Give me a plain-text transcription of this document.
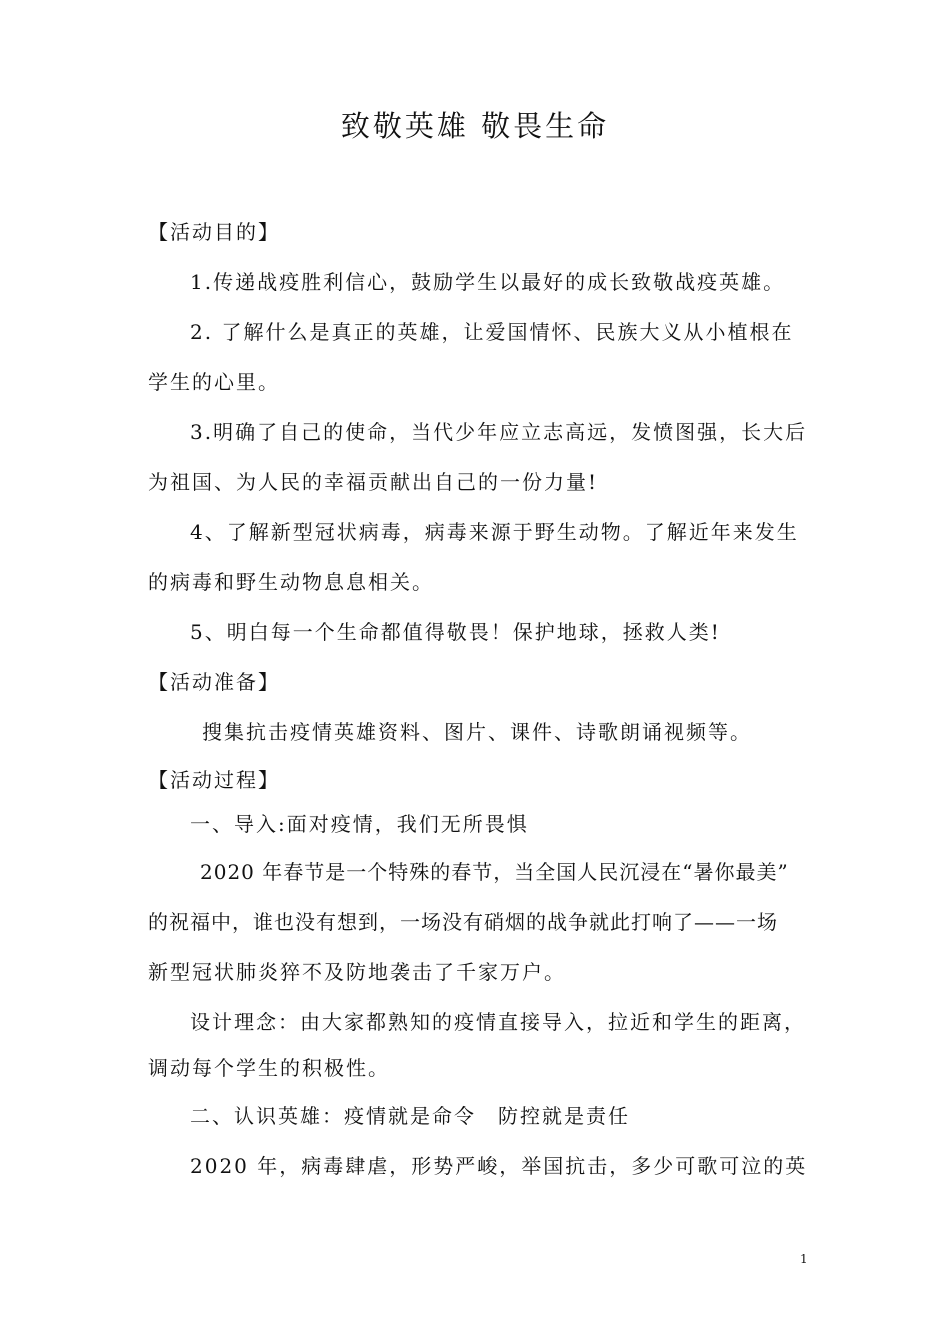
致敬英雄 敬畏生命
【活动目的】
1.传递战疫胜利信心，鼓励学生以最好的成长致敬战疫英雄。
2. 了解什么是真正的英雄，让爱国情怀、民族大义从小植根在
学生的心里。
3.明确了自己的使命，当代少年应立志高远，发愤图强，长大后
为祖国、为人民的幸福贡献出自己的一份力量!
4、了解新型冠状病毒，病毒来源于野生动物。了解近年来发生
的病毒和野生动物息息相关。
5、明白每一个生命都值得敬畏！保护地球，拯救人类!
【活动准备】
搜集抗击疫情英雄资料、图片、课件、诗歌朗诵视频等。
【活动过程】
一、导入:面对疫情，我们无所畏惧
2020 年春节是一个特殊的春节，当全国人民沉浸在“暑你最美”
的祝福中，谁也没有想到，一场没有硝烟的战争就此打响了——一场
新型冠状肺炎猝不及防地袭击了千家万户。
设计理念：由大家都熟知的疫情直接导入，拉近和学生的距离，
调动每个学生的积极性。
二、认识英雄：疫情就是命令　防控就是责任
2020 年，病毒肆虐，形势严峻，举国抗击，多少可歌可泣的英
1
